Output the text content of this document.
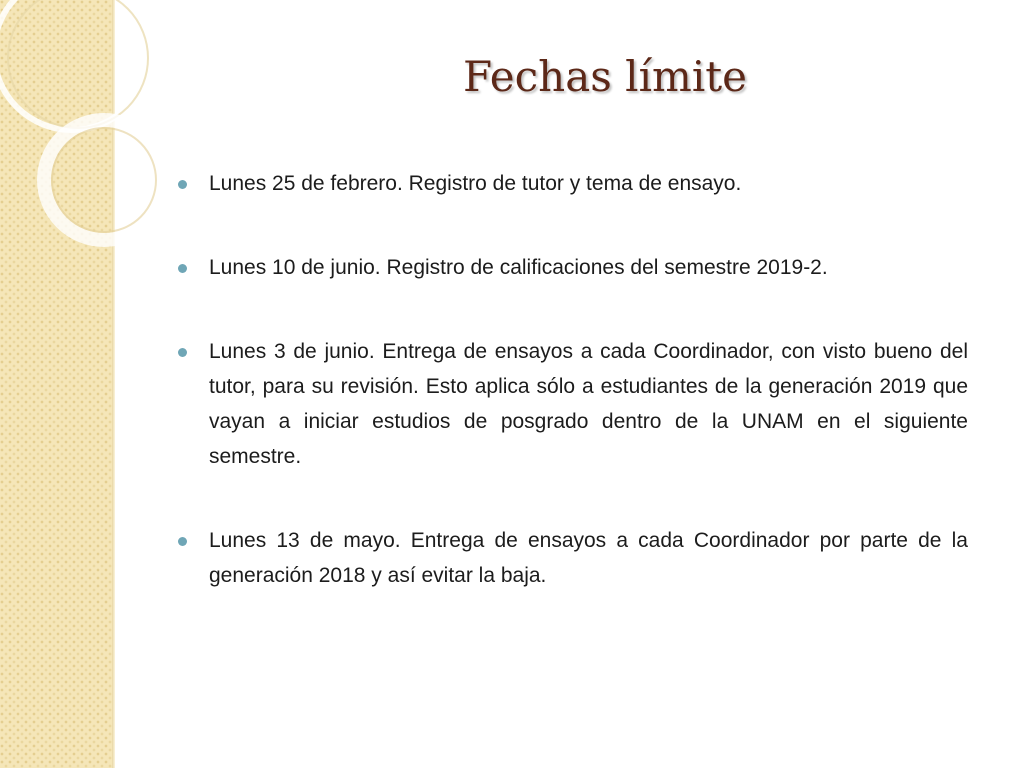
Fechas límite
Lunes 25 de febrero. Registro de tutor y tema de ensayo.
Lunes 10 de junio. Registro de calificaciones del semestre 2019-2.
Lunes 3 de junio. Entrega de ensayos a cada Coordinador, con visto bueno del tutor, para su revisión. Esto aplica sólo a estudiantes de la generación 2019 que vayan a iniciar estudios de posgrado dentro de la UNAM en el siguiente semestre.
Lunes 13 de mayo. Entrega de ensayos a cada Coordinador por parte de la generación 2018 y así evitar la baja.
